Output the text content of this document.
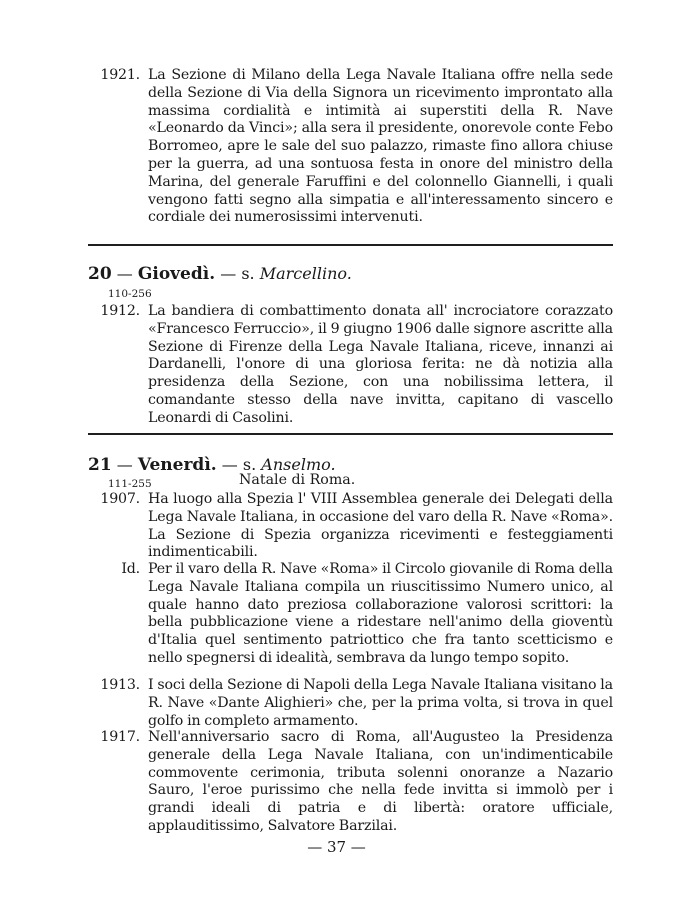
1921. La Sezione di Milano della Lega Navale Italiana offre nella sede della Sezione di Via della Signora un ricevimento improntato alla massima cordialità e intimità ai superstiti della R. Nave «Leonardo da Vinci»; alla sera il presidente, onorevole conte Febo Borromeo, apre le sale del suo palazzo, rimaste fino allora chiuse per la guerra, ad una sontuosa festa in onore del ministro della Marina, del generale Faruffini e del colonnello Giannelli, i quali vengono fatti segno alla simpatia e all'interessamento sincero e cordiale dei numerosissimi intervenuti.
20 — Giovedì. — s. Marcellino.
110-256
1912. La bandiera di combattimento donata all' incrociatore corazzato «Francesco Ferruccio», il 9 giugno 1906 dalle signore ascritte alla Sezione di Firenze della Lega Navale Italiana, riceve, innanzi ai Dardanelli, l'onore di una gloriosa ferita: ne dà notizia alla presidenza della Sezione, con una nobilissima lettera, il comandante stesso della nave invitta, capitano di vascello Leonardi di Casolini.
21 — Venerdì. — s. Anselmo.
111-255	Natale di Roma.
1907. Ha luogo alla Spezia l' VIII Assemblea generale dei Delegati della Lega Navale Italiana, in occasione del varo della R. Nave «Roma». La Sezione di Spezia organizza ricevimenti e festeggiamenti indimenticabili.
Id. Per il varo della R. Nave «Roma» il Circolo giovanile di Roma della Lega Navale Italiana compila un riuscitissimo Numero unico, al quale hanno dato preziosa collaborazione valorosi scrittori: la bella pubblicazione viene a ridestare nell'animo della gioventù d'Italia quel sentimento patriottico che fra tanto scetticismo e nello spegnersi di idealità, sembrava da lungo tempo sopito.
1913. I soci della Sezione di Napoli della Lega Navale Italiana visitano la R. Nave «Dante Alighieri» che, per la prima volta, si trova in quel golfo in completo armamento.
1917. Nell'anniversario sacro di Roma, all'Augusteo la Presidenza generale della Lega Navale Italiana, con un'indimenticabile commovente cerimonia, tributa solenni onoranze a Nazario Sauro, l'eroe purissimo che nella fede invitta si immolò per i grandi ideali di patria e di libertà: oratore ufficiale, applauditissimo, Salvatore Barzilai.
— 37 —
